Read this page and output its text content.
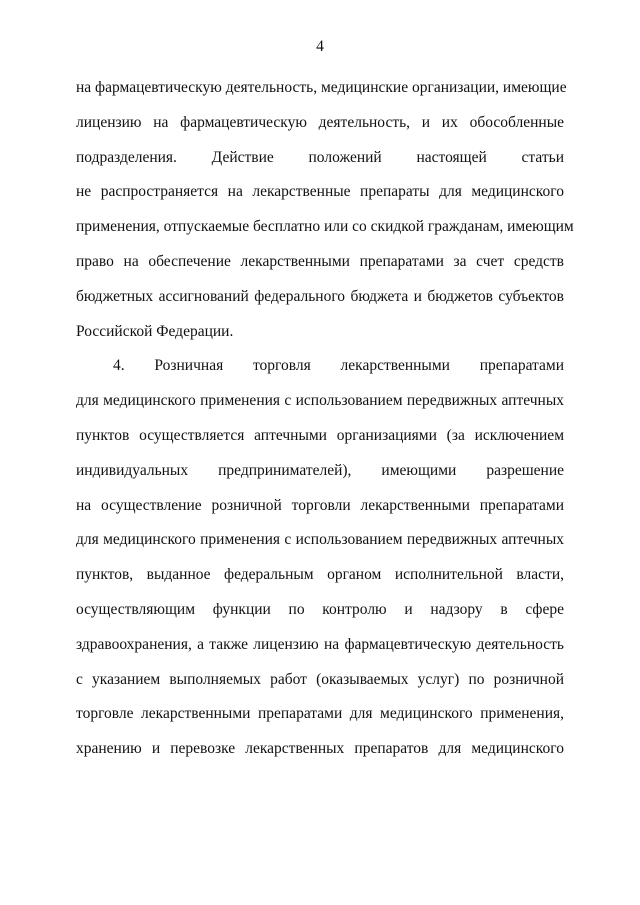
4
на фармацевтическую деятельность, медицинские организации, имеющие
лицензию на фармацевтическую деятельность, и их обособленные
подразделения. Действие положений настоящей статьи
не распространяется на лекарственные препараты для медицинского
применения, отпускаемые бесплатно или со скидкой гражданам, имеющим
право на обеспечение лекарственными препаратами за счет средств
бюджетных ассигнований федерального бюджета и бюджетов субъектов
Российской Федерации.
4. Розничная торговля лекарственными препаратами
для медицинского применения с использованием передвижных аптечных
пунктов осуществляется аптечными организациями (за исключением
индивидуальных предпринимателей), имеющими разрешение
на осуществление розничной торговли лекарственными препаратами
для медицинского применения с использованием передвижных аптечных
пунктов, выданное федеральным органом исполнительной власти,
осуществляющим функции по контролю и надзору в сфере
здравоохранения, а также лицензию на фармацевтическую деятельность
с указанием выполняемых работ (оказываемых услуг) по розничной
торговле лекарственными препаратами для медицинского применения,
хранению и перевозке лекарственных препаратов для медицинского
